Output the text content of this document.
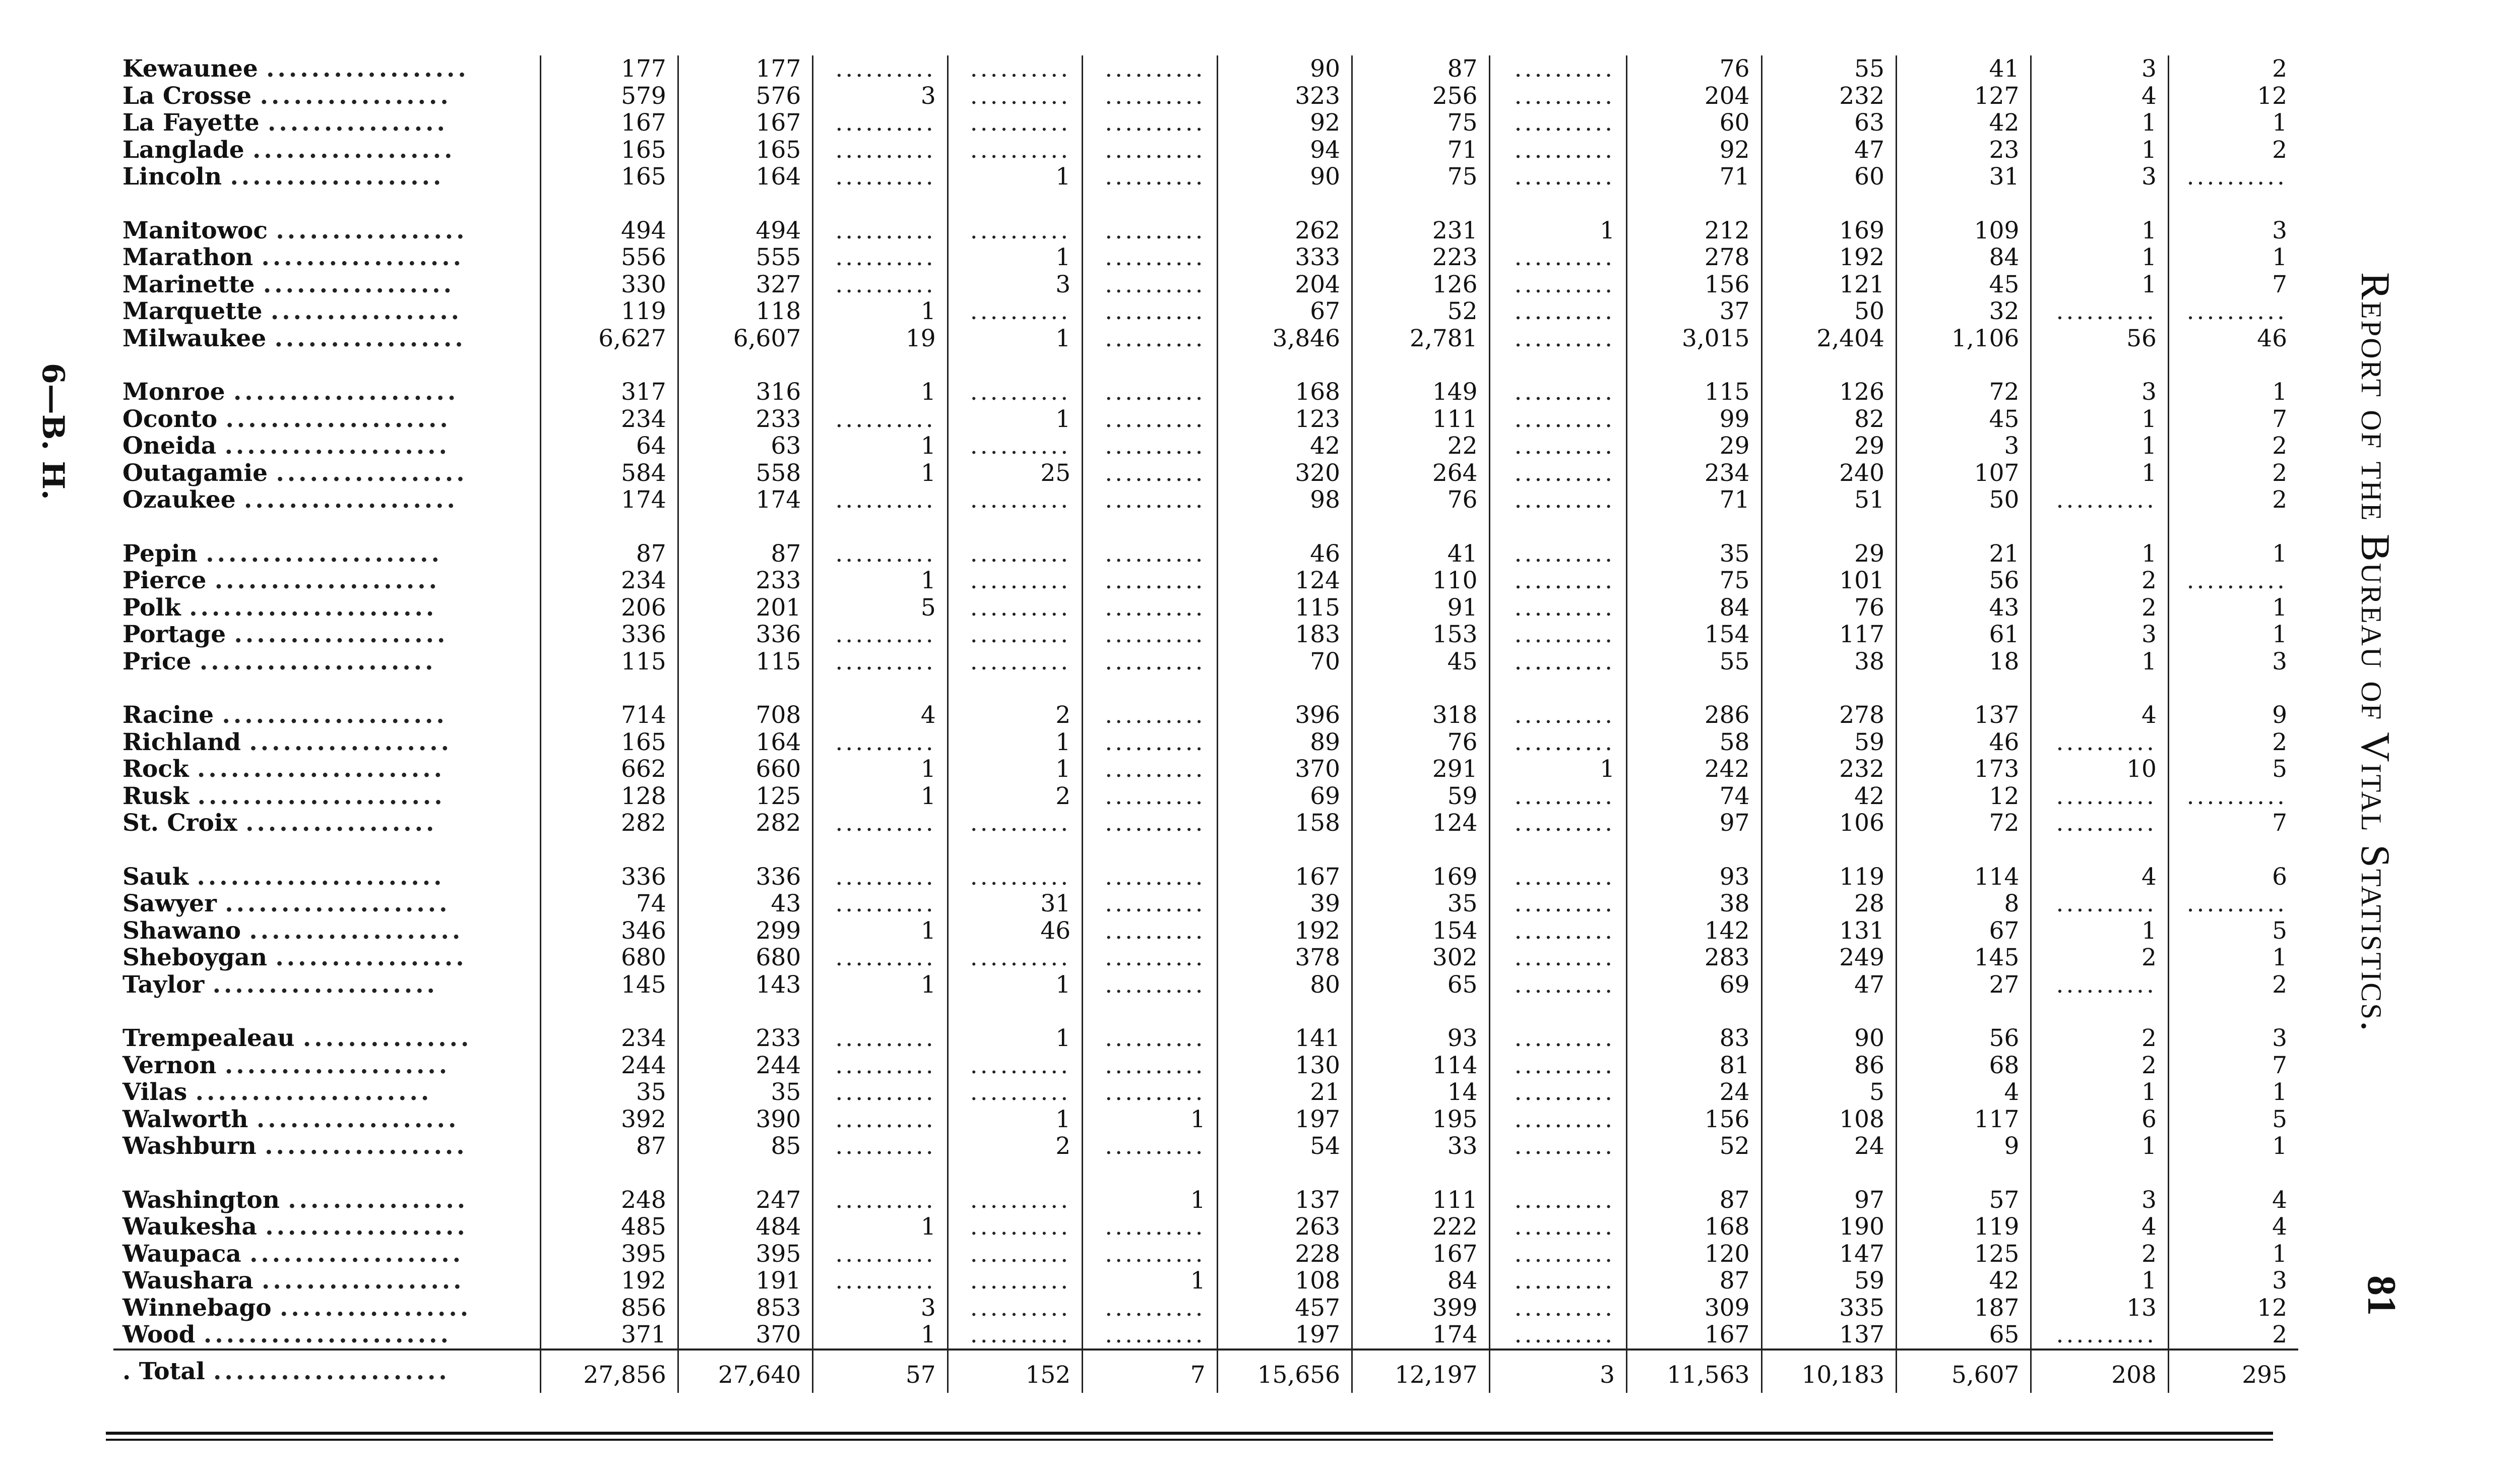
6—B. H.	Report of the Bureau of Vital Statistics.
81
Kewaunee ..................	177	177	..........	..........	..........	90	87	..........	76	55	41	3	2
La Crosse .................	579	576	3	..........	..........	323	256	..........	204	232	127	4	12
La Fayette ................	167	167	..........	..........	..........	92	75	..........	60	63	42	1	1
Langlade ..................	165	165	..........	..........	..........	94	71	..........	92	47	23	1	2
Lincoln ...................	165	164	..........	1	..........	90	75	..........	71	60	31	3	..........

Manitowoc .................	494	494	..........	..........	..........	262	231	1	212	169	109	1	3
Marathon ..................	556	555	..........	1	..........	333	223	..........	278	192	84	1	1
Marinette .................	330	327	..........	3	..........	204	126	..........	156	121	45	1	7
Marquette .................	119	118	1	..........	..........	67	52	..........	37	50	32	..........	..........
Milwaukee .................	6,627	6,607	19	1	..........	3,846	2,781	..........	3,015	2,404	1,106	56	46

Monroe ....................	317	316	1	..........	..........	168	149	..........	115	126	72	3	1
Oconto ....................	234	233	..........	1	..........	123	111	..........	99	82	45	1	7
Oneida ....................	64	63	1	..........	..........	42	22	..........	29	29	3	1	2
Outagamie .................	584	558	1	25	..........	320	264	..........	234	240	107	1	2
Ozaukee ...................	174	174	..........	..........	..........	98	76	..........	71	51	50	..........	2

Pepin .....................	87	87	..........	..........	..........	46	41	..........	35	29	21	1	1
Pierce ....................	234	233	1	..........	..........	124	110	..........	75	101	56	2	..........
Polk ......................	206	201	5	..........	..........	115	91	..........	84	76	43	2	1
Portage ...................	336	336	..........	..........	..........	183	153	..........	154	117	61	3	1
Price .....................	115	115	..........	..........	..........	70	45	..........	55	38	18	1	3

Racine ....................	714	708	4	2	..........	396	318	..........	286	278	137	4	9
Richland ..................	165	164	..........	1	..........	89	76	..........	58	59	46	..........	2
Rock ......................	662	660	1	1	..........	370	291	1	242	232	173	10	5
Rusk ......................	128	125	1	2	..........	69	59	..........	74	42	12	..........	..........
St. Croix .................	282	282	..........	..........	..........	158	124	..........	97	106	72	..........	7

Sauk ......................	336	336	..........	..........	..........	167	169	..........	93	119	114	4	6
Sawyer ....................	74	43	..........	31	..........	39	35	..........	38	28	8	..........	..........
Shawano ...................	346	299	1	46	..........	192	154	..........	142	131	67	1	5
Sheboygan .................	680	680	..........	..........	..........	378	302	..........	283	249	145	2	1
Taylor ....................	145	143	1	1	..........	80	65	..........	69	47	27	..........	2

Trempealeau ...............	234	233	..........	1	..........	141	93	..........	83	90	56	2	3
Vernon ....................	244	244	..........	..........	..........	130	114	..........	81	86	68	2	7
Vilas .....................	35	35	..........	..........	..........	21	14	..........	24	5	4	1	1
Walworth ..................	392	390	..........	1	1	197	195	..........	156	108	117	6	5
Washburn ..................	87	85	..........	2	..........	54	33	..........	52	24	9	1	1

Washington ................	248	247	..........	..........	1	137	111	..........	87	97	57	3	4
Waukesha ..................	485	484	1	..........	..........	263	222	..........	168	190	119	4	4
Waupaca ...................	395	395	..........	..........	..........	228	167	..........	120	147	125	2	1
Waushara ..................	192	191	..........	..........	1	108	84	..........	87	59	42	1	3
Winnebago .................	856	853	3	..........	..........	457	399	..........	309	335	187	13	12
Wood ......................	371	370	1	..........	..........	197	174	..........	167	137	65	..........	2
. Total .....................	27,856	27,640	57	152	7	15,656	12,197	3	11,563	10,183	5,607	208	295
